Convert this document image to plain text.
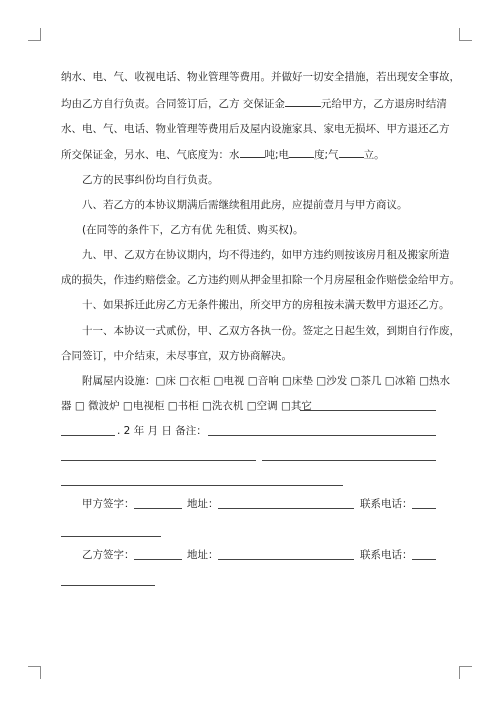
纳水、电、气、收视电话、物业管理等费用。并做好一切安全措施，若出现安全事故，
均由乙方自行负责。合同签订后，乙方 交保证金	元给甲方，乙方退房时结清
水、电、气、电话、物业管理等费用后及屋内设施家具、家电无损坏、甲方退还乙方
所交保证金，另水、电、气底度为：水 吨;电 度;气 立。
乙方的民事纠份均自行负责。
八、若乙方的本协议期满后需继续租用此房，应提前壹月与甲方商议。
(在同等的条件下，乙方有优 先租赁、购买权)。
九、甲、乙双方在协议期内，均不得违约，如甲方违约则按该房月租及搬家所造
成的损失，作违约赔偿金。乙方违约则从押金里扣除一个月房屋租金作赔偿金给甲方。
十、如果拆迁此房乙方无条件搬出，所交甲方的房租按未满天数甲方退还乙方。
十一、本协议一式贰份，甲、乙双方各执一份。签定之日起生效，到期自行作废，
合同签订，中介结束，未尽事宜，双方协商解决。
附属屋内设施：□床 □衣柜 □电视 □音响 □床垫 □沙发 □茶几 □冰箱 □热水
器 □ 微波炉 □电视柜 □书柜 □洗衣机 □空调 □其它
. 2 年 月 日 备注：
甲方签字：	地址：	联系电话：
乙方签字：	地址：	联系电话：
